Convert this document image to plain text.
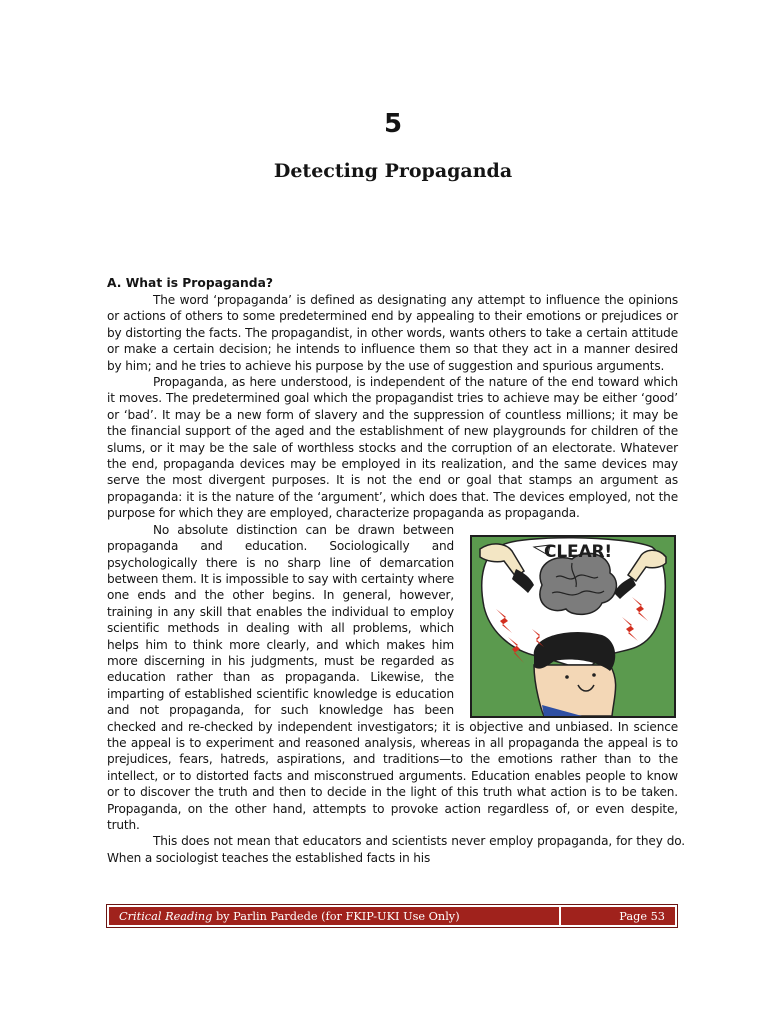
5
Detecting Propaganda
A. What is Propaganda?

The word ‘propaganda’ is defined as designating any attempt to influence the opinions or actions of others to some predetermined end by appealing to their emotions or prejudices or by distorting the facts. The propagandist, in other words, wants others to take a certain attitude or make a certain decision; he intends to influence them so that they act in a manner desired by him; and he tries to achieve his purpose by the use of suggestion and spurious arguments.

Propaganda, as here understood, is independent of the nature of the end toward which it moves. The predetermined goal which the propagandist tries to achieve may be either ‘good’ or ‘bad’. It may be a new form of slavery and the suppression of countless millions; it may be the financial support of the aged and the establishment of new playgrounds for children of the slums, or it may be the sale of worthless stocks and the corruption of an electorate. Whatever the end, propaganda devices may be employed in its realization, and the same devices may serve the most divergent purposes. It is not the end or goal that stamps an argument as propaganda: it is the nature of the ‘argument’, which does that. The devices employed, not the purpose for which they are employed, characterize propaganda as propaganda.

CLEAR!

No absolute distinction can be drawn between propaganda and education. Sociologically and psychologically there is no sharp line of demarcation between them. It is impossible to say with certainty where one ends and the other begins. In general, however, training in any skill that enables the individual to employ scientific methods in dealing with all problems, which helps him to think more clearly, and which makes him more discerning in his judgments, must be regarded as education rather than as propaganda. Likewise, the imparting of established scientific knowledge is education and not propaganda, for such knowledge has been checked and re-checked by independent investigators; it is objective and unbiased. In science the appeal is to experiment and reasoned analysis, whereas in all propaganda the appeal is to prejudices, fears, hatreds, aspirations, and traditions—to the emotions rather than to the intellect, or to distorted facts and misconstrued arguments. Education enables people to know or to discover the truth and then to decide in the light of this truth what action is to be taken. Propaganda, on the other hand, attempts to provoke action regardless of, or even despite, truth.

This does not mean that educators and scientists never employ propaganda, for they do. When a sociologist teaches the established facts in his

Critical Reading by Parlin Pardede (for FKIP-UKI Use Only)	Page 53
